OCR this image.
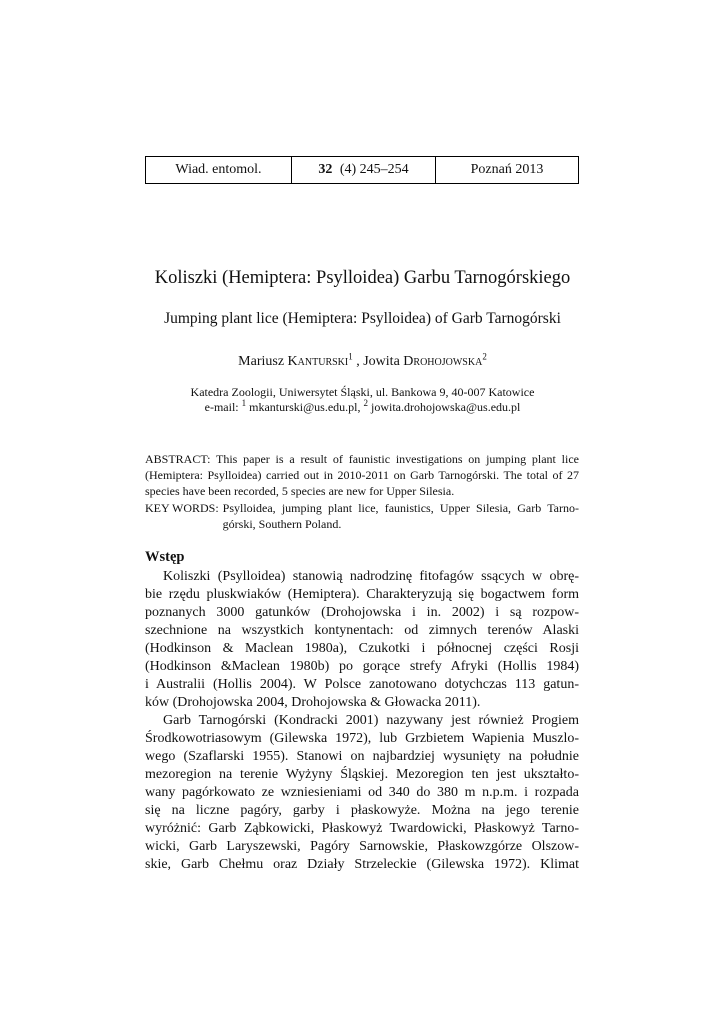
Wiad. entomol.	32 (4) 245–254	Poznań 2013
Koliszki (Hemiptera: Psylloidea) Garbu Tarnogórskiego
Jumping plant lice (Hemiptera: Psylloidea) of Garb Tarnogórski
Mariusz Kanturski$^1$ , Jowita Drohojowska$^2$
Katedra Zoologii, Uniwersytet Śląski, ul. Bankowa 9, 40-007 Katowice
e-mail: $^1$ mkanturski@us.edu.pl, $^2$ jowita.drohojowska@us.edu.pl
ABSTRACT: This paper is a result of faunistic investigations on jumping plant lice
(Hemiptera: Psylloidea) carried out in 2010-2011 on Garb Tarnogórski. The total of 27
species have been recorded, 5 species are new for Upper Silesia.
KEY WORDS: Psylloidea, jumping plant lice, faunistics, Upper Silesia, Garb Tarno-
górski, Southern Poland.
Wstęp
Koliszki (Psylloidea) stanowią nadrodzinę fitofagów ssących w obrę-
bie rzędu pluskwiaków (Hemiptera). Charakteryzują się bogactwem form
poznanych 3000 gatunków (Drohojowska i in. 2002) i są rozpow-
szechnione na wszystkich kontynentach: od zimnych terenów Alaski
(Hodkinson & Maclean 1980a), Czukotki i północnej części Rosji
(Hodkinson &Maclean 1980b) po gorące strefy Afryki (Hollis 1984)
i Australii (Hollis 2004). W Polsce zanotowano dotychczas 113 gatun-
ków (Drohojowska 2004, Drohojowska & Głowacka 2011).
Garb Tarnogórski (Kondracki 2001) nazywany jest również Progiem
Środkowotriasowym (Gilewska 1972), lub Grzbietem Wapienia Muszlo-
wego (Szaflarski 1955). Stanowi on najbardziej wysunięty na południe
mezoregion na terenie Wyżyny Śląskiej. Mezoregion ten jest ukształto-
wany pagórkowato ze wzniesieniami od 340 do 380 m n.p.m. i rozpada
się na liczne pagóry, garby i płaskowyże. Można na jego terenie
wyróżnić: Garb Ząbkowicki, Płaskowyż Twardowicki, Płaskowyż Tarno-
wicki, Garb Laryszewski, Pagóry Sarnowskie, Płaskowzgórze Olszow-
skie, Garb Chełmu oraz Działy Strzeleckie (Gilewska 1972). Klimat
